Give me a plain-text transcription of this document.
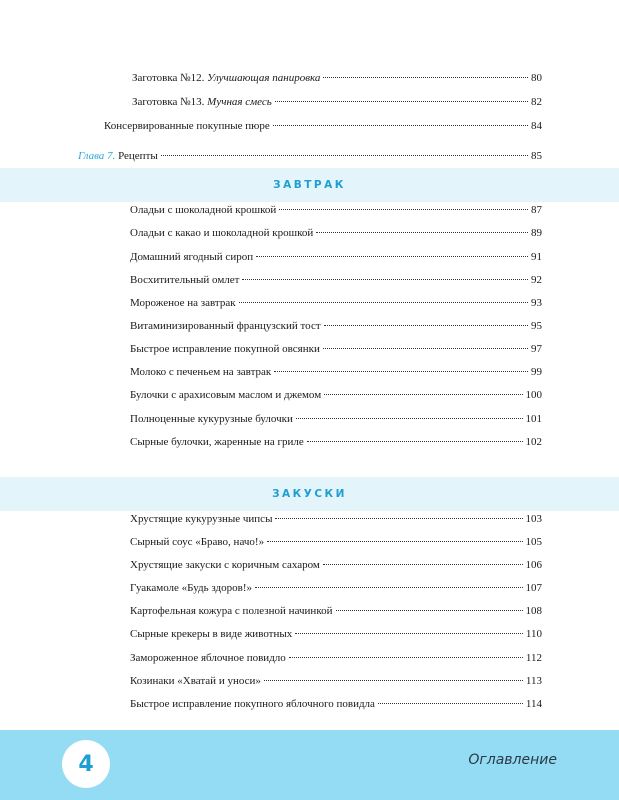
Заготовка №12. Улучшающая панировка	80
Заготовка №13. Мучная смесь	82
Консервированные покупные пюре	84
Глава 7. Рецепты	85
ЗАВТРАК
Оладьи с шоколадной крошкой	87
Оладьи с какао и шоколадной крошкой	89
Домашний ягодный сироп	91
Восхитительный омлет	92
Мороженое на завтрак	93
Витаминизированный французский тост	95
Быстрое исправление покупной овсянки	97
Молоко с печеньем на завтрак	99
Булочки с арахисовым маслом и джемом	100
Полноценные кукурузные булочки	101
Сырные булочки, жаренные на гриле	102
ЗАКУСКИ
Хрустящие кукурузные чипсы	103
Сырный соус «Браво, начо!»	105
Хрустящие закуски с коричным сахаром	106
Гуакамоле «Будь здоров!»	107
Картофельная кожура с полезной начинкой	108
Сырные крекеры в виде животных	110
Замороженное яблочное повидло	112
Козинаки «Хватай и уноси»	113
Быстрое исправление покупного яблочного повидла	114
4	Оглавление
